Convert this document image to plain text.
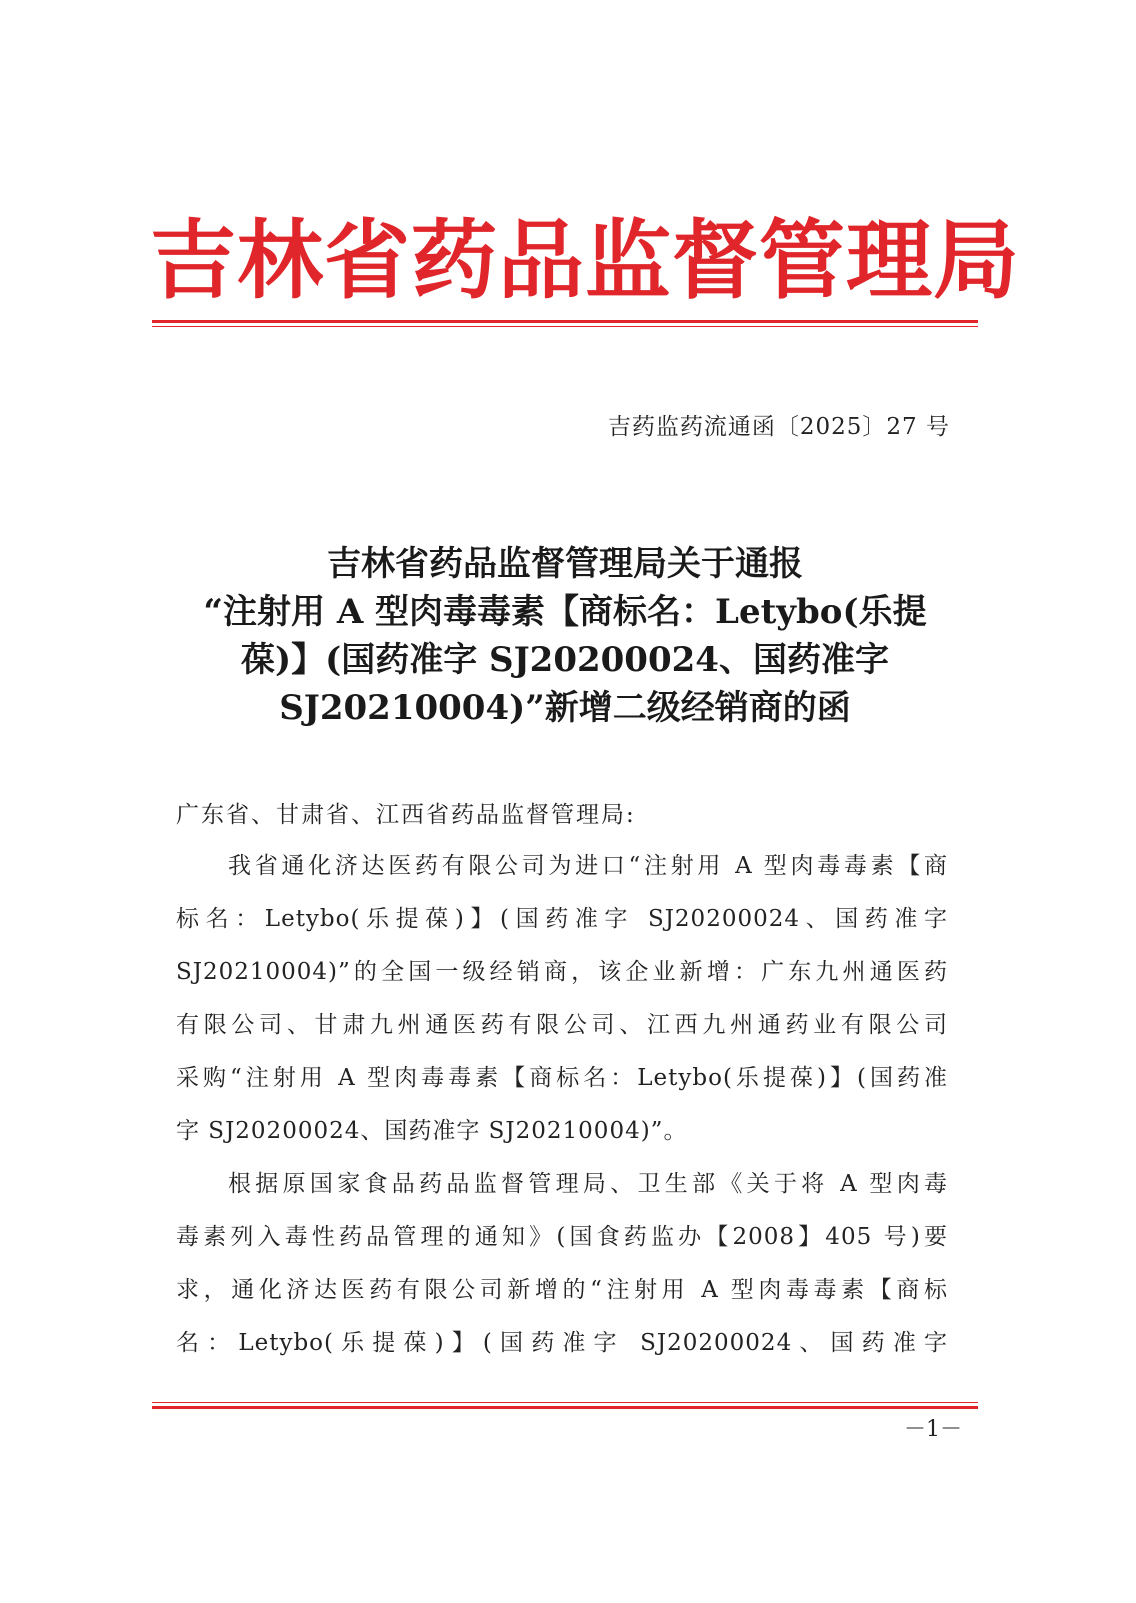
吉林省药品监督管理局
吉药监药流通函〔2025〕27 号
吉林省药品监督管理局关于通报
“注射用 A 型肉毒毒素【商标名：Letybo(乐提
葆)】(国药准字 SJ20200024、国药准字
SJ20210004)”新增二级经销商的函
广东省、甘肃省、江西省药品监督管理局:
我省通化济达医药有限公司为进口“注射用 A 型肉毒毒素【商
标名：Letybo(乐提葆)】(国药准字 SJ20200024、国药准字
SJ20210004)”的全国一级经销商，该企业新增：广东九州通医药
有限公司、甘肃九州通医药有限公司、江西九州通药业有限公司
采购“注射用 A 型肉毒毒素【商标名：Letybo(乐提葆)】(国药准
字 SJ20200024、国药准字 SJ20210004)”。
根据原国家食品药品监督管理局、卫生部《关于将 A 型肉毒
毒素列入毒性药品管理的通知》(国食药监办【2008】405 号)要
求，通化济达医药有限公司新增的“注射用 A 型肉毒毒素【商标
名：Letybo(乐提葆)】(国药准字 SJ20200024、国药准字
－1－
